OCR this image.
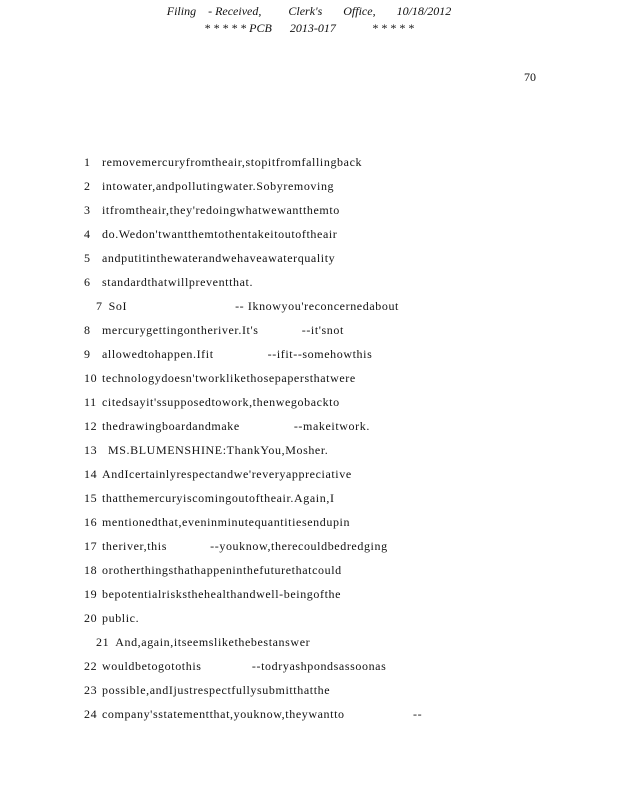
Filing    - Received,         Clerk's       Office,       10/18/2012
* * * * * PCB      2013-017            * * * * *
70
1 removemercuryfromtheair,stopitfromfallingback
2 intowater,andpollutingwater.Sobyremoving
3 itfromtheair,they'redoingwhatwewantthemto
4 do.Wedon'twantthemtothentakeitoutoftheair
5 andputitinthewaterandwehaveawaterquality
6 standardthatwillpreventthat.
7 SoI                              -- Iknowyou'reconcernedabout
8 mercurygettingontheriver.It's            --it'snot
9 allowedtohappen.Ifit               --ifit--somehowthis
10 technologydoesn'tworklikethosepapersthatwere
11 citedsayit'ssupposedtowork,thenwegobackto
12 thedrawingboardandmake               --makeitwork.
13 MS.BLUMENSHINE:ThankYou,Mosher.
14 AndIcertainlyrespectandwe'reveryappreciative
15 thatthemercuryiscomingoutoftheair.Again,I
16 mentionedthat,eveninminutequantitiesendupin
17 theriver,this            --youknow,therecouldbedredging
18 orotherthingsthathappeninthefuturethatcould
19 bepotentialrisksthehealthandwell-beingofthe
20 public.
21 And,again,itseemslikethebestanswer
22 wouldbetogotothis              --todryashpondsassoonas
23 possible,andIjustrespectfullysubmitthatthe
24 company'sstatementthat,youknow,theywantto                   --
